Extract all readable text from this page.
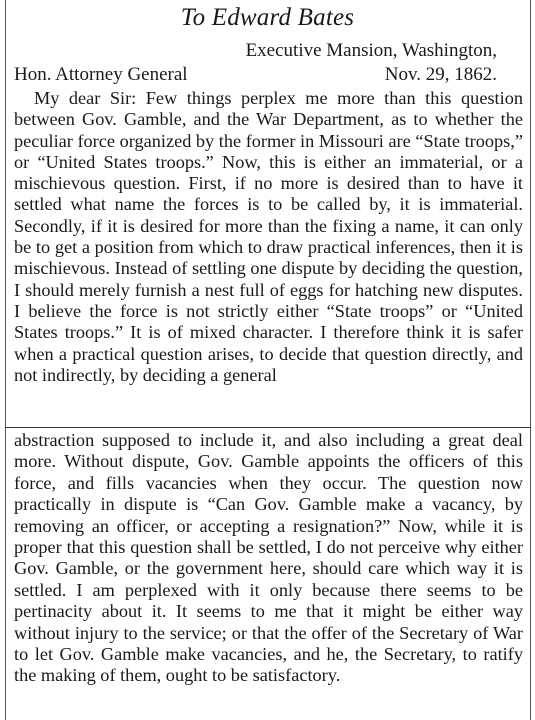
To Edward Bates
Executive Mansion, Washington,
Hon. Attorney General	Nov. 29, 1862.

My dear Sir: Few things perplex me more than this question between Gov. Gamble, and the War Department, as to whether the peculiar force organized by the former in Missouri are “State troops,” or “United States troops.” Now, this is either an immaterial, or a mischievous question. First, if no more is desired than to have it settled what name the forces is to be called by, it is immaterial. Secondly, if it is desired for more than the fixing a name, it can only be to get a position from which to draw practical inferences, then it is mischievous. Instead of settling one dispute by deciding the question, I should merely furnish a nest full of eggs for hatching new disputes. I believe the force is not strictly either “State troops” or “United States troops.” It is of mixed character. I therefore think it is safer when a practical question arises, to decide that question directly, and not indirectly, by deciding a general

abstraction supposed to include it, and also including a great deal more. Without dispute, Gov. Gamble appoints the officers of this force, and fills vacancies when they occur. The question now practically in dispute is “Can Gov. Gamble make a vacancy, by removing an officer, or accepting a resignation?” Now, while it is proper that this question shall be settled, I do not perceive why either Gov. Gamble, or the government here, should care which way it is settled. I am perplexed with it only because there seems to be pertinacity about it. It seems to me that it might be either way without injury to the service; or that the offer of the Secretary of War to let Gov. Gamble make vacancies, and he, the Secretary, to ratify the making of them, ought to be satisfactory.
